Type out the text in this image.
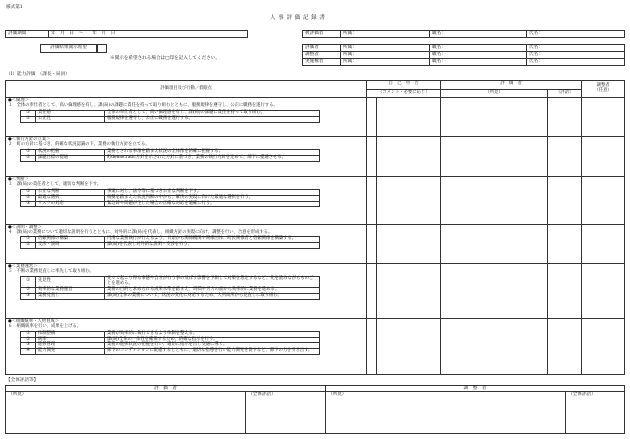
様式第1
人 事 評 価 記 録 書
評価期間	年　月　日　〜　　年　月　日	被評価者	所属：	職名：	氏名：
評価結果開示希望
※開示を希望される場合は□印を記入してください。
評価者	所属：	職名：	氏名：
調整者	所属：	職名：	氏名：
実施権者	所属：	職名：	氏名：
（Ⅰ）能力評価　（課長・局員）
評価項目及び行動／着眼点	自　己　申　告	評　価　者	調整者
（任意）

（コメント・必要に応じ）	（所見）	（評語）

●＜倫理＞
１　全体の奉仕者として、高い倫理感を有し、課(局)の課題に責任を持って取り組むとともに、服務規律を遵守し、公正に職務を遂行する。
①	責任感	全体の奉仕者として、高い倫理感を有し、課(局)の課題に責任を持って取り組む。
②	公正性	服務規律を遵守し、公正に職務を遂行する。

●＜執行方針の立案＞
２　町の方針に基づき、的確な状況認識の下、業務の執行方針を立てる。
①	状況の把握	業務とされる事項を踏まえ状況の全体像を的確に把握する。
②	課題目標の提通	町democratic方針を示された方針に基づき、業務の執行方針を定めて、部下に提通させる。

●＜判断＞
３　課(局)の責任者として、適切な判断を下す。
①	公正な判断	事案に対し、法令等に基づき公正な判断を下す。
②	最適な選択	根拠を踏まえた状況判断の中から、解決の実現に向けた最適な選択を行う。
③	リスクの対応	緊急時や問題が生じた場合の正確な対応を適確に行う。

●＜説明・調整＞
４　課(局)の業務について適切な説明を行うとともに、対外的に課(局)を代表し、組織方針の実現に向け、調整を行い、合意を形成する。
①	信頼関係の構築	円滑な業務執行が行えるよう、日頃から関係機関や関係団体、町民関係者と信頼関係を構築する。
②	交渉・説明	課(局)を代表し対外的な説明・交渉を行う。

●＜業務運営＞
５　不断の業務見直しに率先して取り組む。
①	先見性	先々で起こり得る事態や自分が行う事の及ぼす影響を予測して対策を想定するなど、先を読みながらものごとを進める。
②	効率的な業務運営	業務の目的と求められる成果水準を踏まえ、時間や労力の面から効率的に業務を進める。
③	業務見直し	課(局)全体の業務について、状況の変化に対応するため、大所高所から見直しに取り組む。

●＜組織統率・人材育成＞
６　組織統率を行い、成果を上げる。
①	体制整備	業務が効率的に執行できるよう体制を整える。
②	統率	課(局)全体の一体性を確保するため、的確な指示を行う。
③	進捗管理	業務の進捗状況の把握を行い、適切に指示を出し交通に導く。
④	能力開発	部下のコンディションに配慮するとともに、適切な指導を行い能力開発を促すなど、部下の力を引き出す。

【全体評語等】
評　価　者		調　整　者	
（所見）	（全体評語）	（所見）	（全体評語）
